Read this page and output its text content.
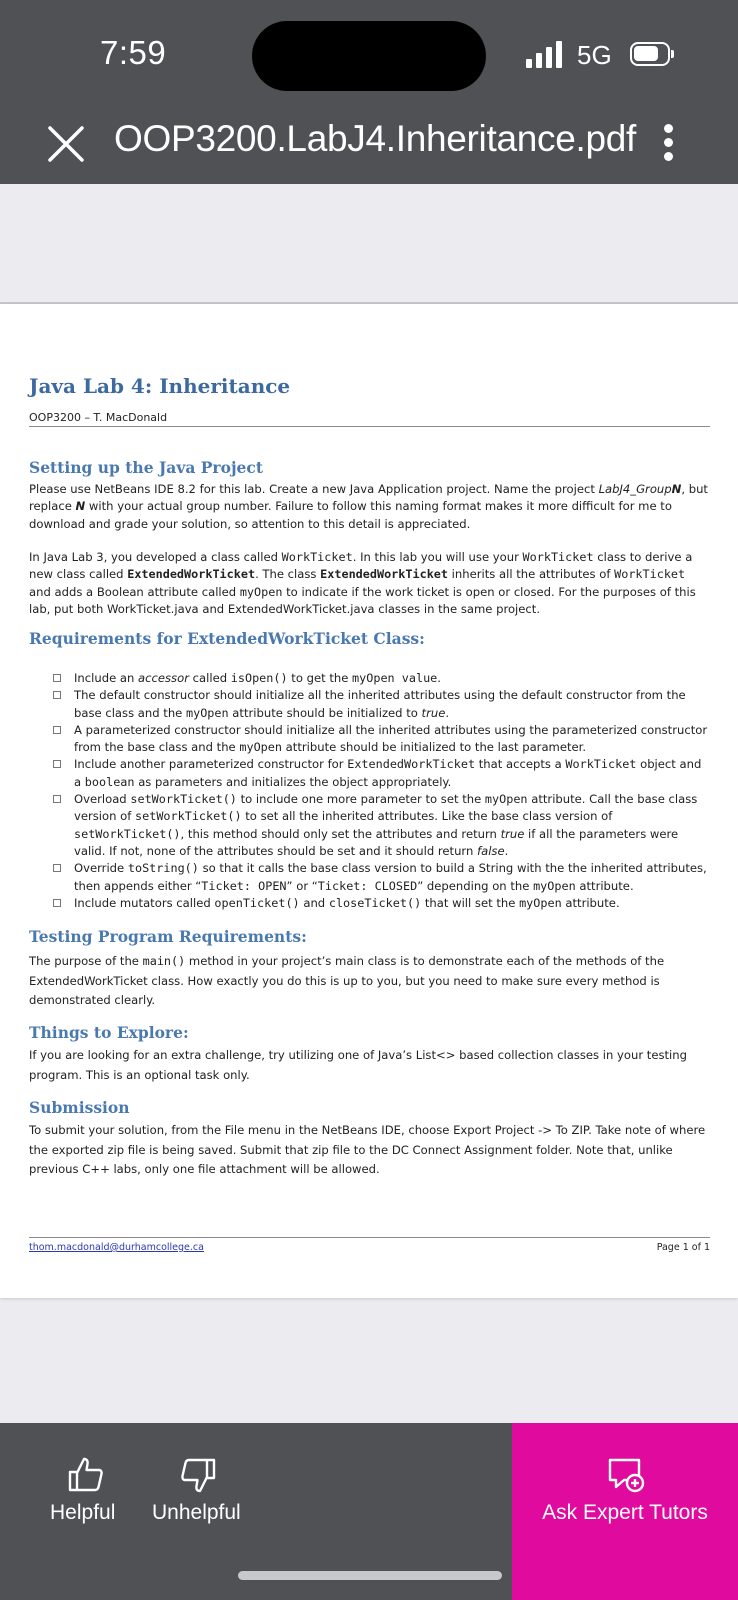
7:59	5G
OOP3200.LabJ4.Inheritance.pdf
Java Lab 4: Inheritance
OOP3200 – T. MacDonald
Setting up the Java Project
Please use NetBeans IDE 8.2 for this lab. Create a new Java Application project. Name the project LabJ4_GroupN, but replace N with your actual group number. Failure to follow this naming format makes it more difficult for me to download and grade your solution, so attention to this detail is appreciated.
In Java Lab 3, you developed a class called WorkTicket. In this lab you will use your WorkTicket class to derive a new class called ExtendedWorkTicket. The class ExtendedWorkTicket inherits all the attributes of WorkTicket and adds a Boolean attribute called myOpen to indicate if the work ticket is open or closed. For the purposes of this lab, put both WorkTicket.java and ExtendedWorkTicket.java classes in the same project.
Requirements for ExtendedWorkTicket Class:
Include an accessor called isOpen() to get the myOpen value.
The default constructor should initialize all the inherited attributes using the default constructor from the base class and the myOpen attribute should be initialized to true.
A parameterized constructor should initialize all the inherited attributes using the parameterized constructor from the base class and the myOpen attribute should be initialized to the last parameter.
Include another parameterized constructor for ExtendedWorkTicket that accepts a WorkTicket object and a boolean as parameters and initializes the object appropriately.
Overload setWorkTicket() to include one more parameter to set the myOpen attribute. Call the base class version of setWorkTicket() to set all the inherited attributes. Like the base class version of setWorkTicket(), this method should only set the attributes and return true if all the parameters were valid. If not, none of the attributes should be set and it should return false.
Override toString() so that it calls the base class version to build a String with the the inherited attributes, then appends either “Ticket: OPEN” or “Ticket: CLOSED” depending on the myOpen attribute.
Include mutators called openTicket() and closeTicket() that will set the myOpen attribute.
Testing Program Requirements:
The purpose of the main() method in your project’s main class is to demonstrate each of the methods of the ExtendedWorkTicket class. How exactly you do this is up to you, but you need to make sure every method is demonstrated clearly.
Things to Explore:
If you are looking for an extra challenge, try utilizing one of Java’s List<> based collection classes in your testing program. This is an optional task only.
Submission
To submit your solution, from the File menu in the NetBeans IDE, choose Export Project -> To ZIP. Take note of where the exported zip file is being saved. Submit that zip file to the DC Connect Assignment folder. Note that, unlike previous C++ labs, only one file attachment will be allowed.
thom.macdonald@durhamcollege.ca	Page 1 of 1
Helpful Unhelpful	Ask Expert Tutors
